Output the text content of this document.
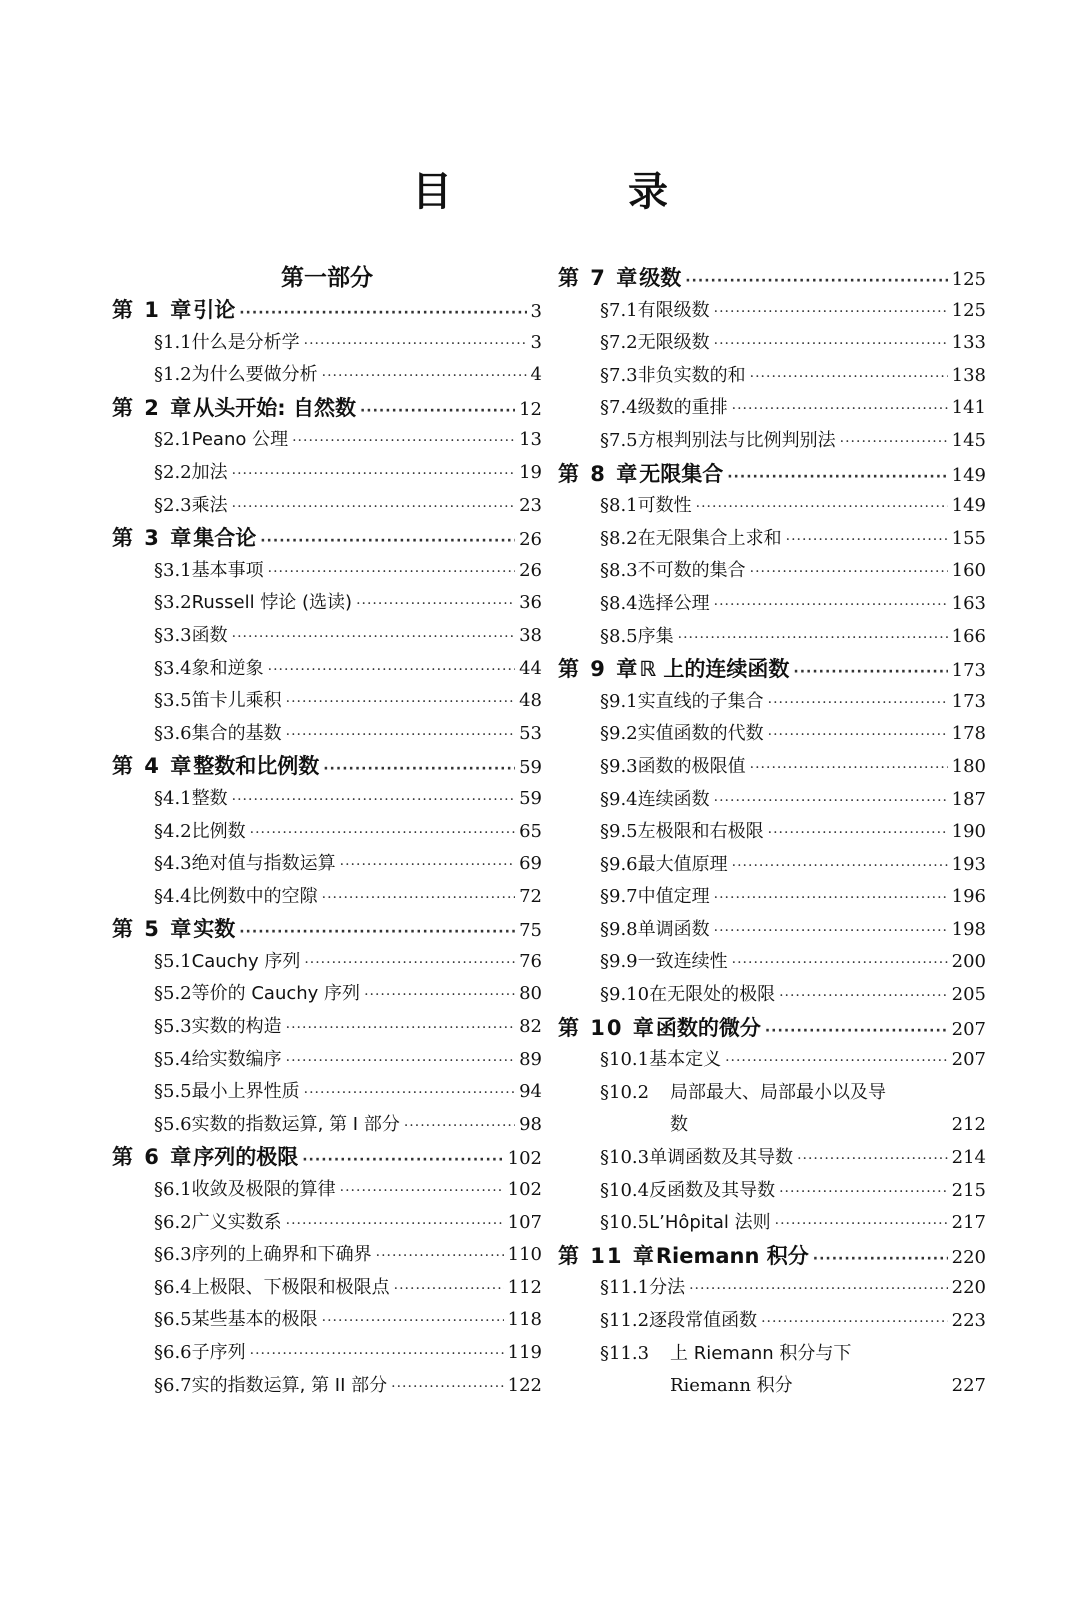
目　录
第一部分
第 1 章 引论 ·····	3
§1.1 什么是分析学 ·····	3
§1.2 为什么要做分析 ·····	4
第 2 章 从头开始: 自然数 ·····	12
§2.1 Peano 公理 ·····	13
§2.2 加法 ·····	19
§2.3 乘法 ·····	23
第 3 章 集合论 ·····	26
§3.1 基本事项 ·····	26
§3.2 Russell 悖论 (选读) ·····	36
§3.3 函数 ·····	38
§3.4 象和逆象 ·····	44
§3.5 笛卡儿乘积 ·····	48
§3.6 集合的基数 ·····	53
第 4 章 整数和比例数 ·····	59
§4.1 整数 ·····	59
§4.2 比例数 ·····	65
§4.3 绝对值与指数运算 ·····	69
§4.4 比例数中的空隙 ·····	72
第 5 章 实数 ·····	75
§5.1 Cauchy 序列 ·····	76
§5.2 等价的 Cauchy 序列 ·····	80
§5.3 实数的构造 ·····	82
§5.4 给实数编序 ·····	89
§5.5 最小上界性质 ·····	94
§5.6 实数的指数运算, 第 I 部分 ·····	98
第 6 章 序列的极限 ·····	102
§6.1 收敛及极限的算律 ·····	102
§6.2 广义实数系 ·····	107
§6.3 序列的上确界和下确界 ·····	110
§6.4 上极限、下极限和极限点 ·····	112
§6.5 某些基本的极限 ·····	118
§6.6 子序列 ·····	119
§6.7 实的指数运算, 第 II 部分 ·····	122
第 7 章 级数 ·····	125
§7.1 有限级数 ·····	125
§7.2 无限级数 ·····	133
§7.3 非负实数的和 ·····	138
§7.4 级数的重排 ·····	141
§7.5 方根判别法与比例判别法 ·····	145
第 8 章 无限集合 ·····	149
§8.1 可数性 ·····	149
§8.2 在无限集合上求和 ·····	155
§8.3 不可数的集合 ·····	160
§8.4 选择公理 ·····	163
§8.5 序集 ·····	166
第 9 章 ℝ 上的连续函数 ·····	173
§9.1 实直线的子集合 ·····	173
§9.2 实值函数的代数 ·····	178
§9.3 函数的极限值 ·····	180
§9.4 连续函数 ·····	187
§9.5 左极限和右极限 ·····	190
§9.6 最大值原理 ·····	193
§9.7 中值定理 ·····	196
§9.8 单调函数 ·····	198
§9.9 一致连续性 ·····	200
§9.10 在无限处的极限 ·····	205
第 10 章 函数的微分 ·····	207
§10.1 基本定义 ·····	207
§10.2	局部最大、局部最小以及导
数	212
§10.3 单调函数及其导数 ·····	214
§10.4 反函数及其导数 ·····	215
§10.5 L’Hôpital 法则 ·····	217
第 11 章 Riemann 积分 ·····	220
§11.1 分法 ·····	220
§11.2 逐段常值函数 ·····	223
§11.3	上 Riemann 积分与下
Riemann 积分	227
